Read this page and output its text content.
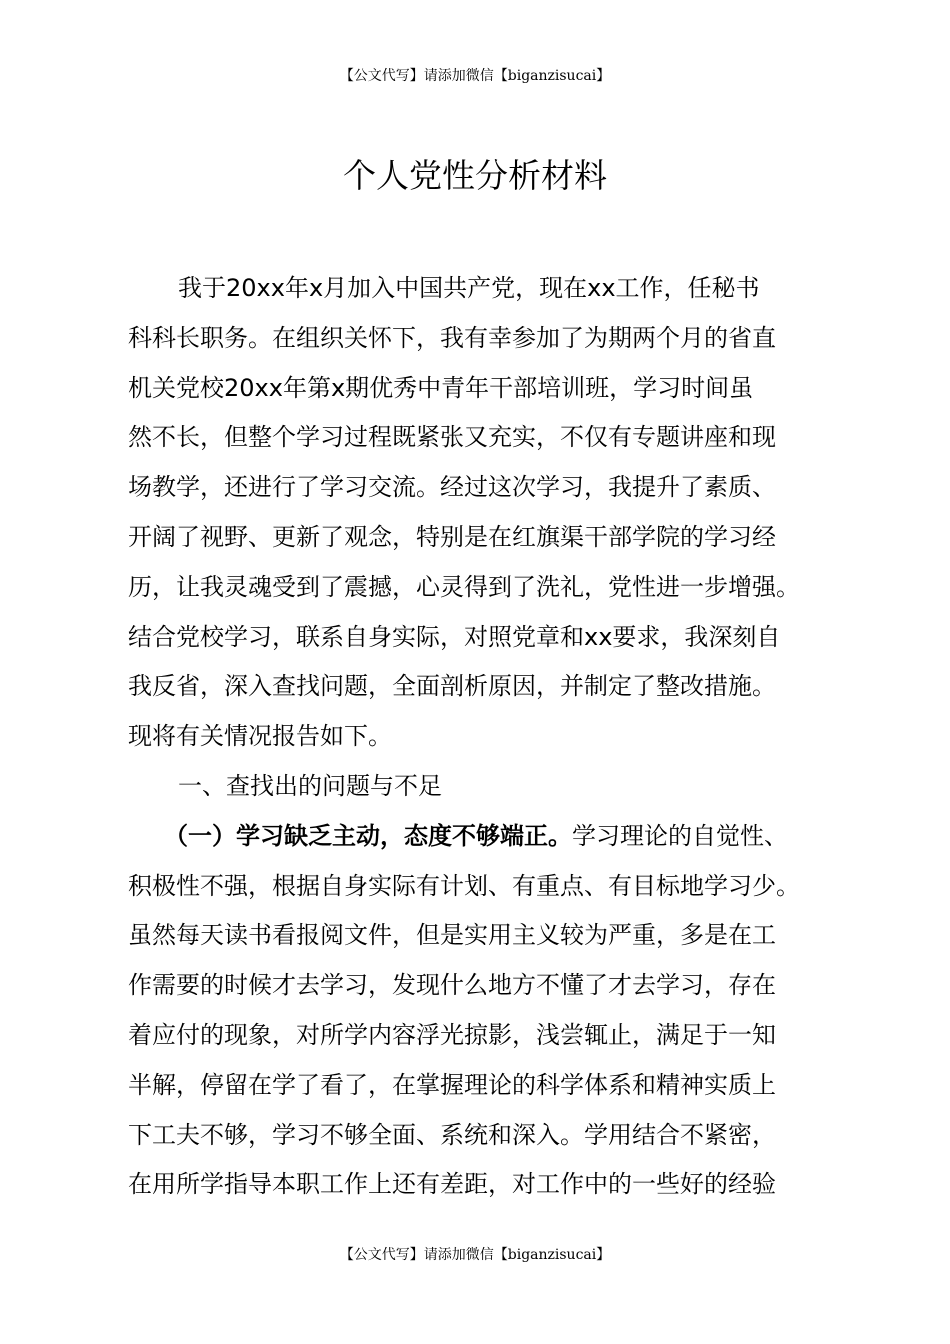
【公文代写】请添加微信【biganzisucai】
个人党性分析材料
我于20xx年x月加入中国共产党，现在xx工作，任秘书
科科长职务。在组织关怀下，我有幸参加了为期两个月的省直
机关党校20xx年第x期优秀中青年干部培训班，学习时间虽
然不长，但整个学习过程既紧张又充实，不仅有专题讲座和现
场教学，还进行了学习交流。经过这次学习，我提升了素质、
开阔了视野、更新了观念，特别是在红旗渠干部学院的学习经
历，让我灵魂受到了震撼，心灵得到了洗礼，党性进一步增强。
结合党校学习，联系自身实际，对照党章和xx要求，我深刻自
我反省，深入查找问题，全面剖析原因，并制定了整改措施。
现将有关情况报告如下。
一、查找出的问题与不足
（一）学习缺乏主动，态度不够端正。学习理论的自觉性、
积极性不强，根据自身实际有计划、有重点、有目标地学习少。
虽然每天读书看报阅文件，但是实用主义较为严重，多是在工
作需要的时候才去学习，发现什么地方不懂了才去学习，存在
着应付的现象，对所学内容浮光掠影，浅尝辄止，满足于一知
半解，停留在学了看了，在掌握理论的科学体系和精神实质上
下工夫不够，学习不够全面、系统和深入。学用结合不紧密，
在用所学指导本职工作上还有差距，对工作中的一些好的经验
【公文代写】请添加微信【biganzisucai】
